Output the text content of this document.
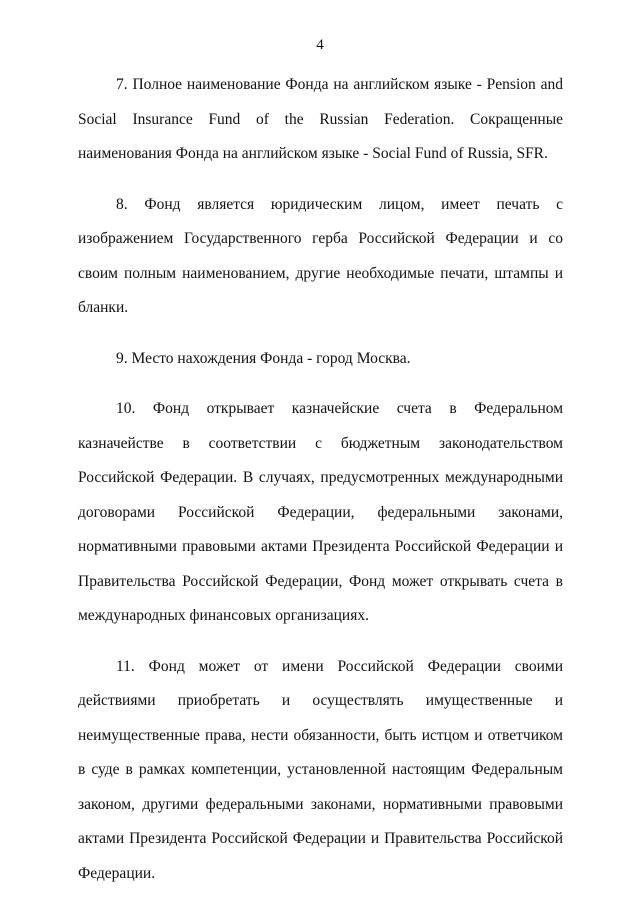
4

7. Полное наименование Фонда на английском языке - Pension and Social Insurance Fund of the Russian Federation. Сокращенные наименования Фонда на английском языке - Social Fund of Russia, SFR.

8. Фонд является юридическим лицом, имеет печать с изображением Государственного герба Российской Федерации и со своим полным наименованием, другие необходимые печати, штампы и бланки.

9. Место нахождения Фонда - город Москва.

10. Фонд открывает казначейские счета в Федеральном казначействе в соответствии с бюджетным законодательством Российской Федерации. В случаях, предусмотренных международными договорами Российской Федерации, федеральными законами, нормативными правовыми актами Президента Российской Федерации и Правительства Российской Федерации, Фонд может открывать счета в международных финансовых организациях.

11. Фонд может от имени Российской Федерации своими действиями приобретать и осуществлять имущественные и неимущественные права, нести обязанности, быть истцом и ответчиком в суде в рамках компетенции, установленной настоящим Федеральным законом, другими федеральными законами, нормативными правовыми актами Президента Российской Федерации и Правительства Российской Федерации.
